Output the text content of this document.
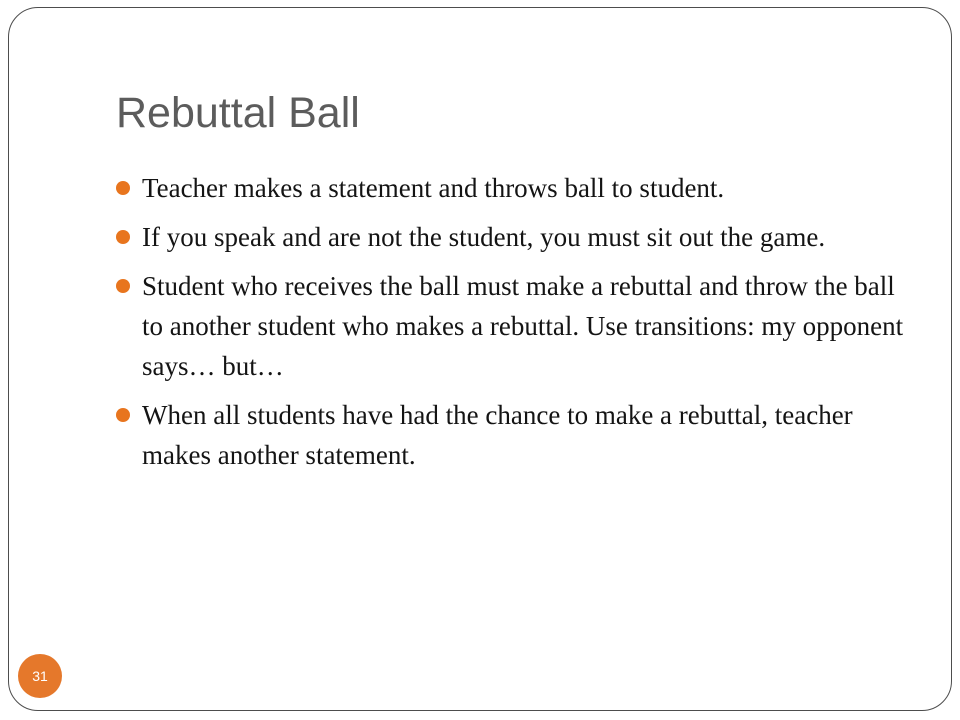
Rebuttal Ball
Teacher makes a statement and throws ball to student.
If you speak and are not the student, you must sit out the game.
Student who receives the ball must make a rebuttal and throw the ball to another student who makes a rebuttal. Use transitions: my opponent says… but…
When all students have had the chance to make a rebuttal, teacher makes another statement.
31
